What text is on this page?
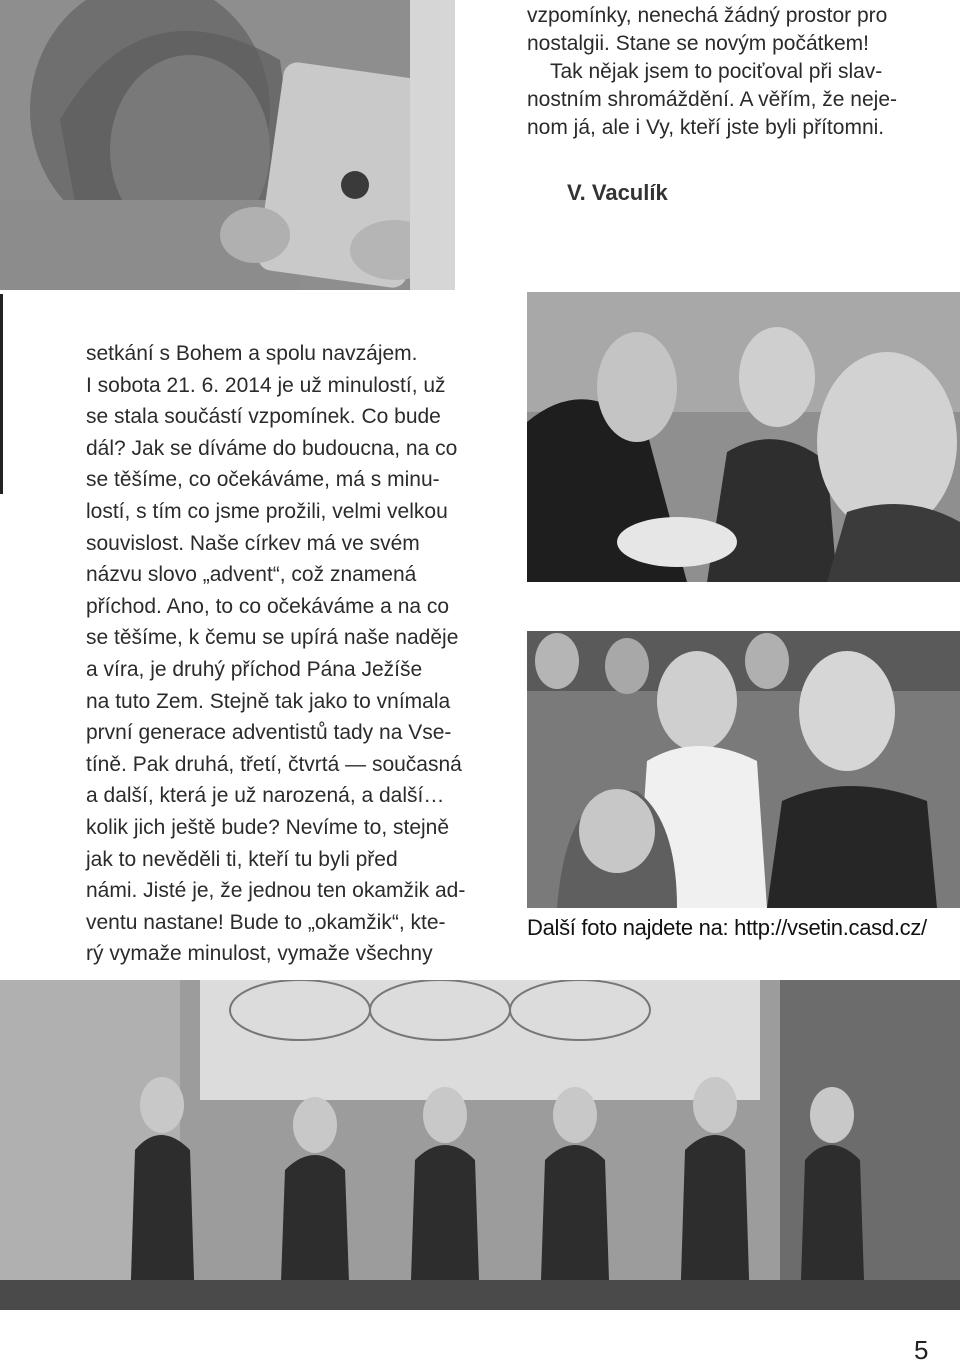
vzpomínky, nenechá žádný prostor pro
nostalgii. Stane se novým počátkem!
Tak nějak jsem to pociťoval při slav-
nostním shromáždění. A věřím, že neje-
nom já, ale i Vy, kteří jste byli přítomni.
V. Vaculík
setkání s Bohem a spolu navzájem.
I sobota 21. 6. 2014 je už minulostí, už
se stala součástí vzpomínek. Co bude
dál? Jak se díváme do budoucna, na co
se těšíme, co očekáváme, má s minu-
lostí, s tím co jsme prožili, velmi velkou
souvislost. Naše církev má ve svém
názvu slovo „advent“, což znamená
příchod. Ano, to co očekáváme a na co
se těšíme, k čemu se upírá naše naděje
a víra, je druhý příchod Pána Ježíše
na tuto Zem. Stejně tak jako to vnímala
první generace adventistů tady na Vse-
tíně. Pak druhá, třetí, čtvrtá — současná
a další, která je už narozená, a další…
kolik jich ještě bude? Nevíme to, stejně
jak to nevěděli ti, kteří tu byli před
námi. Jisté je, že jednou ten okamžik ad-
ventu nastane! Bude to „okamžik“, kte-
rý vymaže minulost, vymaže všechny
Další foto najdete na: http://vsetin.casd.cz/
5
